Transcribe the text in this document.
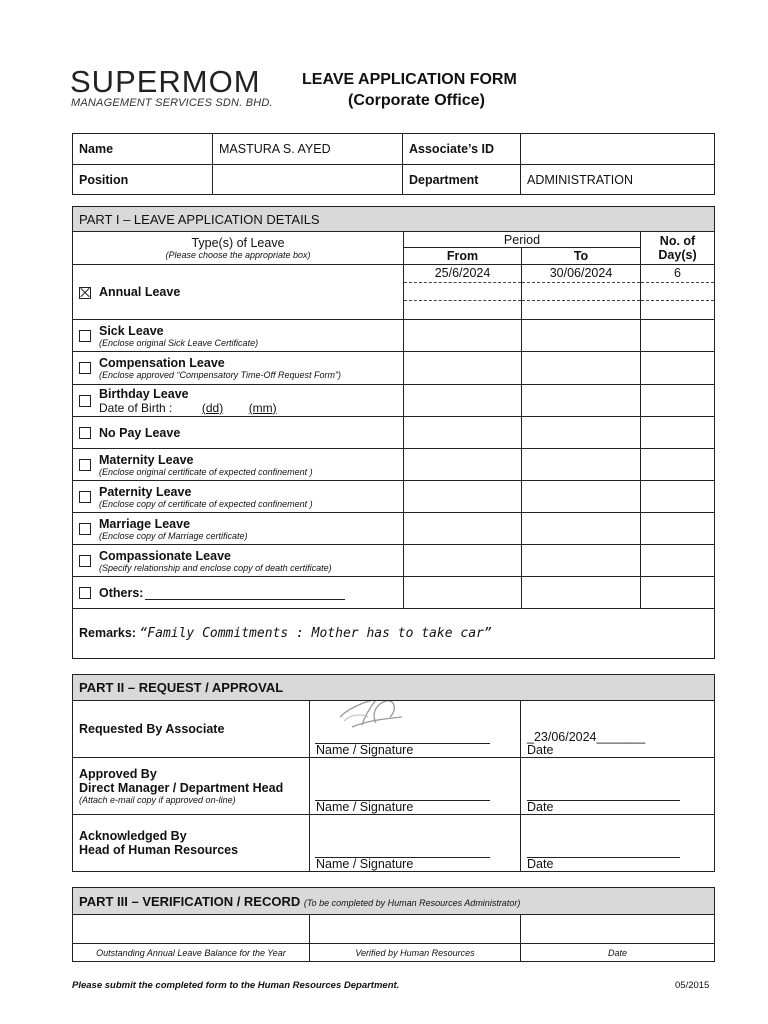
SUPERMOM
MANAGEMENT SERVICES SDN. BHD.
LEAVE APPLICATION FORM
(Corporate Office)
Name	MASTURA S. AYED	Associate’s ID	
Position		Department	ADMINISTRATION
PART I – LEAVE APPLICATION DETAILS			

Type(s) of Leave
(Please choose the appropriate box)	Period		No. of
Day(s)
	From	To	
Annual Leave	25/6/2024	30/06/2024	6

Sick Leave
(Enclose original Sick Leave Certificate)			

Compensation Leave
(Enclose approved “Compensatory Time-Off Request Form”)			

Birthday Leave
Date of Birth : (dd) (mm)			

No Pay Leave			

Maternity Leave
(Enclose original certificate of expected confinement )			

Paternity Leave
(Enclose copy of certificate of expected confinement )			

Marriage Leave
(Enclose copy of Marriage certificate)			

Compassionate Leave
(Specify relationship and enclose copy of death certificate)			

Others:			
Remarks: “Family Commitments : Mother has to take car”			
PART II – REQUEST / APPROVAL		
Requested By Associate	Name / Signature	_23/06/2024_______
Date

Approved By
Direct Manager / Department Head
(Attach e-mail copy if approved on-line)	Name / Signature	Date

Acknowledged By
Head of Human Resources	Name / Signature	Date
PART III – VERIFICATION / RECORD (To be completed by Human Resources Administrator)		

Outstanding Annual Leave Balance for the Year	Verified by Human Resources	Date
Please submit the completed form to the Human Resources Department.	05/2015
